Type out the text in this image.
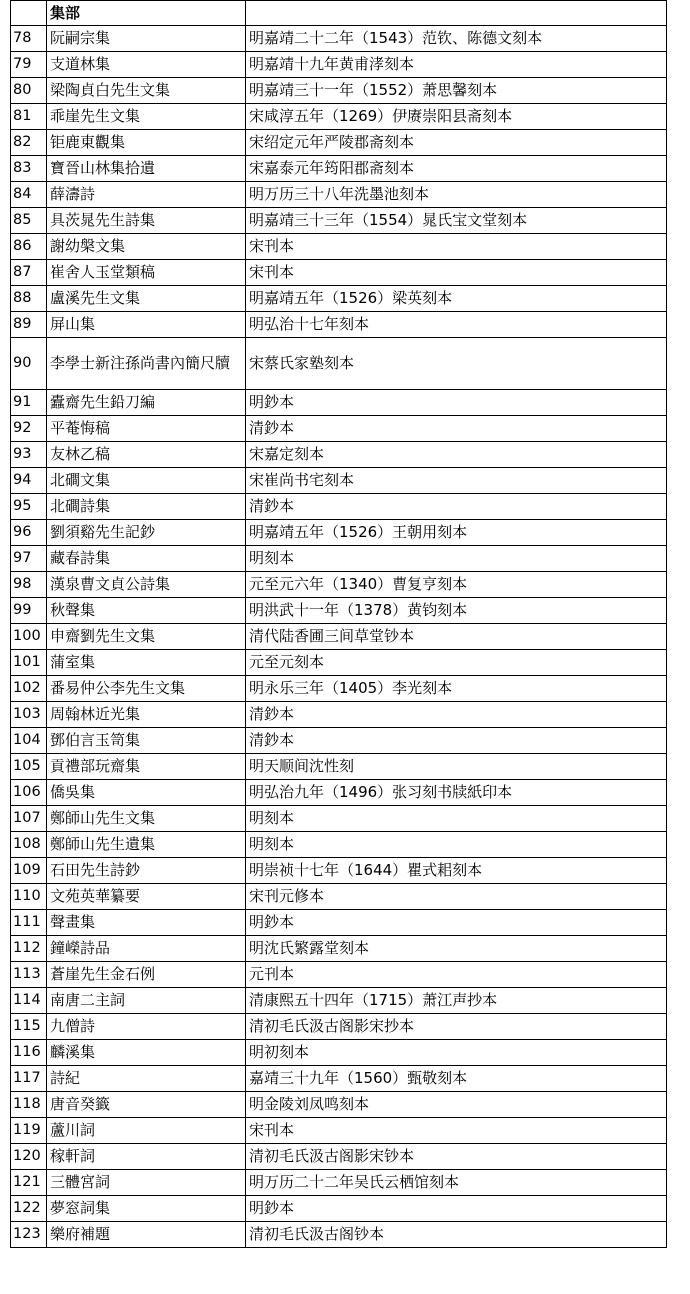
	集部	
78	阮嗣宗集	明嘉靖二十二年（1543）范钦、陈德文刻本
79	支道林集	明嘉靖十九年黄甫涍刻本
80	梁陶貞白先生文集	明嘉靖三十一年（1552）萧思馨刻本
81	乖崖先生文集	宋咸淳五年（1269）伊赓崇阳县斋刻本
82	钜鹿東觀集	宋绍定元年严陵郡斋刻本
83	寶晉山林集拾遺	宋嘉泰元年筠阳郡斋刻本
84	薛濤詩	明万历三十八年洗墨池刻本
85	具茨晁先生詩集	明嘉靖三十三年（1554）晁氏宝文堂刻本
86	謝幼槃文集	宋刊本
87	崔舍人玉堂類稿	宋刊本
88	盧溪先生文集	明嘉靖五年（1526）梁英刻本
89	屏山集	明弘治十七年刻本
90	李學士新注孫尚書內簡尺牘	宋蔡氏家塾刻本
91	蠹齋先生鉛刀編	明鈔本
92	平菴悔稿	清鈔本
93	友林乙稿	宋嘉定刻本
94	北磵文集	宋崔尚书宅刻本
95	北磵詩集	清鈔本
96	劉須谿先生記鈔	明嘉靖五年（1526）王朝用刻本
97	藏春詩集	明刻本
98	漢泉曹文貞公詩集	元至元六年（1340）曹复亨刻本
99	秋聲集	明洪武十一年（1378）黄钧刻本
100	申齋劉先生文集	清代陆香圃三间草堂钞本
101	蒲室集	元至元刻本
102	番易仲公李先生文集	明永乐三年（1405）李光刻本
103	周翰林近光集	清鈔本
104	鄧伯言玉笥集	清鈔本
105	貢禮部玩齋集	明天顺间沈性刻
106	僑吳集	明弘治九年（1496）张习刻书牍紙印本
107	鄭師山先生文集	明刻本
108	鄭師山先生遺集	明刻本
109	石田先生詩鈔	明崇祯十七年（1644）瞿式耜刻本
110	文苑英華纂要	宋刊元修本
111	聲畫集	明鈔本
112	鐘嶸詩品	明沈氏繁露堂刻本
113	蒼崖先生金石例	元刊本
114	南唐二主詞	清康熙五十四年（1715）萧江声抄本
115	九僧詩	清初毛氏汲古阁影宋抄本
116	麟溪集	明初刻本
117	詩紀	嘉靖三十九年（1560）甄敬刻本
118	唐音癸籤	明金陵刘凤鸣刻本
119	蘆川詞	宋刊本
120	稼軒詞	清初毛氏汲古阁影宋钞本
121	三體宮詞	明万历二十二年吴氏云栖馆刻本
122	夢窓詞集	明鈔本
123	樂府補題	清初毛氏汲古阁钞本
